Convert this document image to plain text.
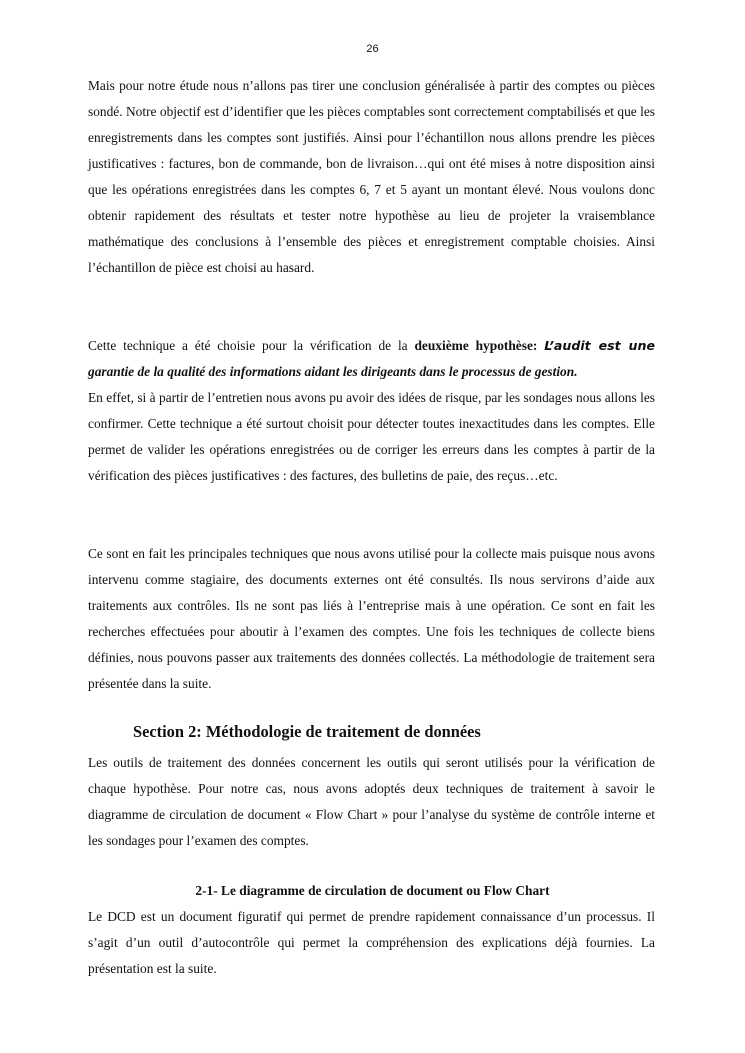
26

Mais pour notre étude nous n’allons pas tirer une conclusion généralisée à partir des comptes ou pièces sondé. Notre objectif est d’identifier que les pièces comptables sont correctement comptabilisés et que les enregistrements dans les comptes sont justifiés. Ainsi pour l’échantillon nous allons prendre les pièces justificatives : factures, bon de commande, bon de livraison…qui ont été mises à notre disposition ainsi que les opérations enregistrées dans les comptes 6, 7 et 5 ayant un montant élevé. Nous voulons donc obtenir rapidement des résultats et tester notre hypothèse au lieu de projeter la vraisemblance mathématique des conclusions à l’ensemble des pièces et enregistrement comptable choisies. Ainsi l’échantillon de pièce est choisi au hasard.

Cette technique a été choisie pour la vérification de la deuxième hypothèse: L’audit est une garantie de la qualité des informations aidant les dirigeants dans le processus de gestion.

En effet, si à partir de l’entretien nous avons pu avoir des idées de risque, par les sondages nous allons les confirmer. Cette technique a été surtout choisit pour détecter toutes inexactitudes dans les comptes. Elle permet de valider les opérations enregistrées ou de corriger les erreurs dans les comptes à partir de la vérification des pièces justificatives : des factures, des bulletins de paie, des reçus…etc.

Ce sont en fait les principales techniques que nous avons utilisé pour la collecte mais puisque nous avons intervenu comme stagiaire, des documents externes ont été consultés. Ils nous servirons d’aide aux traitements aux contrôles. Ils ne sont pas liés à l’entreprise mais à une opération. Ce sont en fait les recherches effectuées pour aboutir à l’examen des comptes. Une fois les techniques de collecte biens définies, nous pouvons passer aux traitements des données collectés. La méthodologie de traitement sera présentée dans la suite.

Section 2: Méthodologie de traitement de données

Les outils de traitement des données concernent les outils qui seront utilisés pour la vérification de chaque hypothèse. Pour notre cas, nous avons adoptés deux techniques de traitement à savoir le diagramme de circulation de document « Flow Chart » pour l’analyse du système de contrôle interne et les sondages pour l’examen des comptes.

2-1- Le diagramme de circulation de document ou Flow Chart

Le DCD est un document figuratif qui permet de prendre rapidement connaissance d’un processus. Il s’agit d’un outil d’autocontrôle qui permet la compréhension des explications déjà fournies. La présentation est la suite.
